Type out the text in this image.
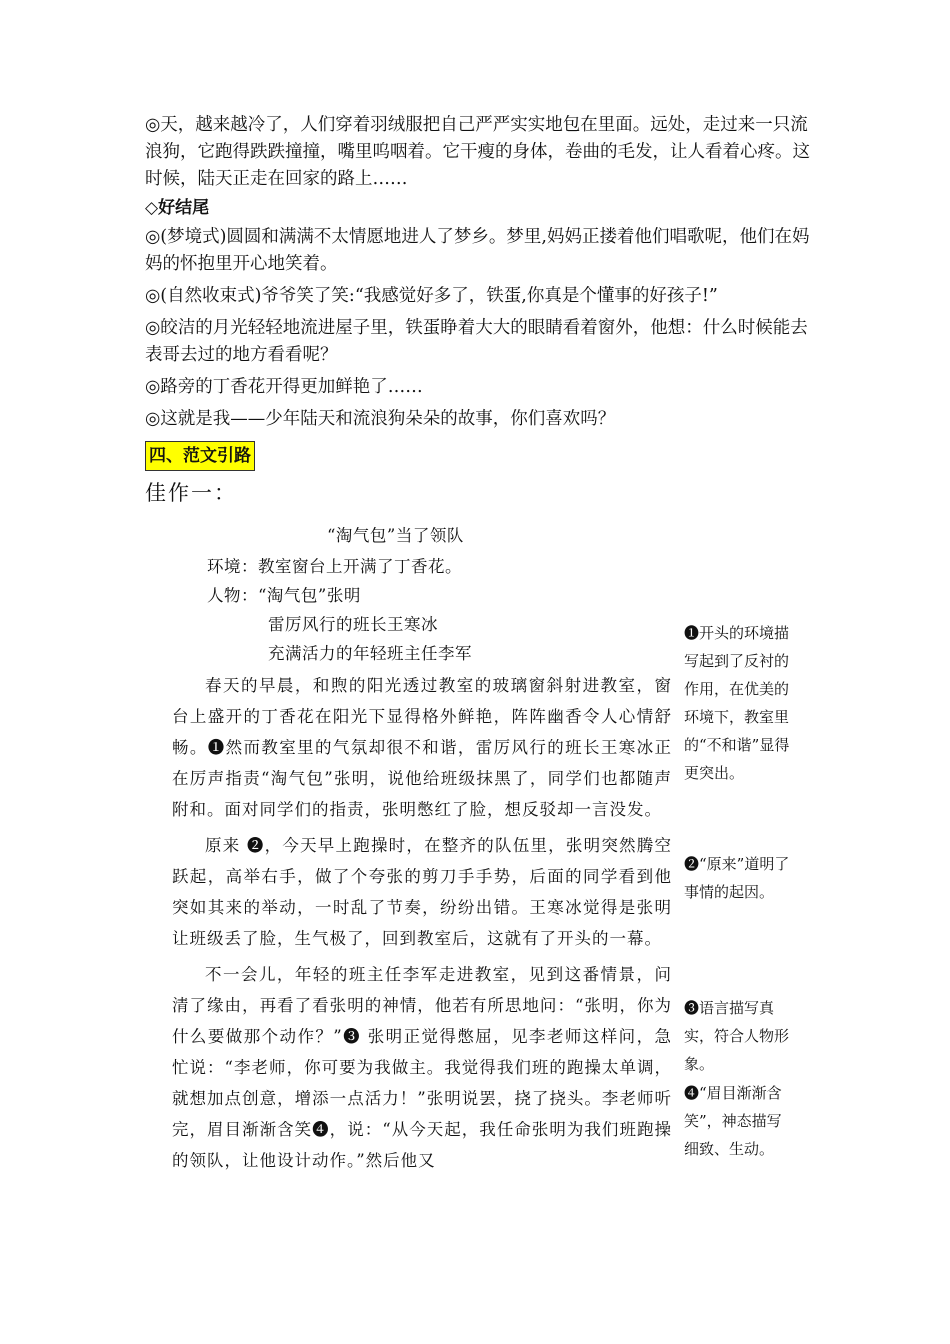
◎天，越来越冷了，人们穿着羽绒服把自己严严实实地包在里面。远处，走过来一只流浪狗，它跑得跌跌撞撞，嘴里呜咽着。它干瘦的身体，卷曲的毛发，让人看着心疼。这时候，陆天正走在回家的路上……

◇好结尾

◎(梦境式)圆圆和满满不太情愿地进人了梦乡。梦里,妈妈正搂着他们唱歌呢，他们在妈妈的怀抱里开心地笑着。

◎(自然收束式)爷爷笑了笑:“我感觉好多了，铁蛋,你真是个懂事的好孩子!”

◎皎洁的月光轻轻地流进屋子里，铁蛋睁着大大的眼睛看着窗外，他想：什么时候能去表哥去过的地方看看呢？

◎路旁的丁香花开得更加鲜艳了……

◎这就是我——少年陆天和流浪狗朵朵的故事，你们喜欢吗？

四、范文引路

佳作一：

“淘气包”当了领队

环境：教室窗台上开满了丁香花。

人物：“淘气包”张明

雷厉风行的班长王寒冰

充满活力的年轻班主任李军

春天的早晨，和煦的阳光透过教室的玻璃窗斜射进教室，窗台上盛开的丁香花在阳光下显得格外鲜艳，阵阵幽香令人心情舒畅。❶然而教室里的气氛却很不和谐，雷厉风行的班长王寒冰正在厉声指责“淘气包”张明，说他给班级抹黑了，同学们也都随声附和。面对同学们的指责，张明憋红了脸，想反驳却一言没发。

原来 ❷，今天早上跑操时，在整齐的队伍里，张明突然腾空跃起，高举右手，做了个夸张的剪刀手手势，后面的同学看到他突如其来的举动，一时乱了节奏，纷纷出错。王寒冰觉得是张明让班级丢了脸，生气极了，回到教室后，这就有了开头的一幕。

不一会儿，年轻的班主任李军走进教室，见到这番情景，问清了缘由，再看了看张明的神情，他若有所思地问：“张明，你为什么要做那个动作？”❸ 张明正觉得憋屈，见李老师这样问，急忙说：“李老师，你可要为我做主。我觉得我们班的跑操太单调，就想加点创意，增添一点活力！”张明说罢，挠了挠头。李老师听完，眉目渐渐含笑❹，说：“从今天起，我任命张明为我们班跑操的领队，让他设计动作。”然后他又

❶开头的环境描写起到了反衬的作用，在优美的环境下，教室里的“不和谐”显得更突出。

❷“原来”道明了事情的起因。

❸语言描写真实，符合人物形象。

❹“眉目渐渐含笑”，神态描写细致、生动。
